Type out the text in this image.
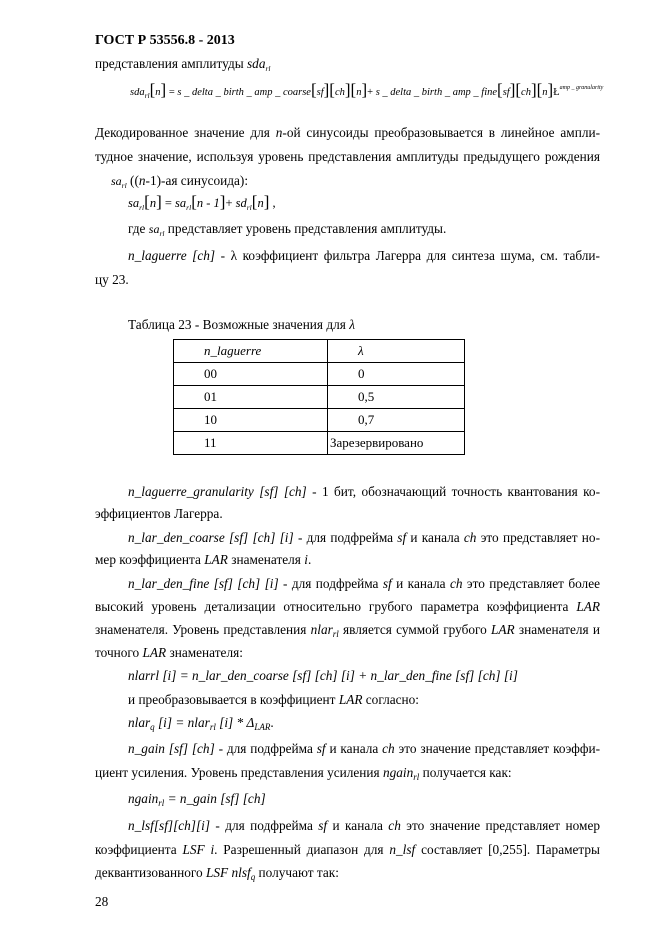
ГОСТ Р 53556.8 - 2013
представления амплитуды sda$_{rl}$
sda$_{rl}$[n] = s _ delta _ birth _ amp _ coarse[sf][ch][n]+ s _ delta _ birth _ amp _ $fine[sf][ch][n]Ł^{amp \_ granularity}$
Декодированное значение для n-ой синусоиды преобразовывается в линейное ампли-
тудное значение, используя уровень представления амплитуды предыдущего рождения
$sa_{rl}$ ((n-1)-ая синусоида):
$sa_{rl}[n] = sa_{rl}[n - 1]+ sd_{rl}[n]$ ,
где $sa_{rl}$ представляет уровень представления амплитуды.
n_laguerre [ch] - λ коэффициент фильтра Лагерра для синтеза шума, см. табли-
цу 23.
Таблица 23 - Возможные значения для λ
n_laguerre	λ
00	0
01	0,5
10	0,7
11	Зарезервировано
n_laguerre_granularity [sf] [ch] - 1 бит, обозначающий точность квантования ко-
эффициентов Лагерра.
n_lar_den_coarse [sf] [ch] [i] - для подфрейма sf и канала ch это представляет но-
мер коэффициента LAR знаменателя i.
n_lar_den_fine [sf] [ch] [i] - для подфрейма sf и канала ch это представляет более
высокий уровень детализации относительно грубого параметра коэффициента LAR
знаменателя. Уровень представления nlar$_{rl}$ является суммой грубого LAR знаменателя и
точного LAR знаменателя:
nlarrl [i] = n_lar_den_coarse [sf] [ch] [i] + n_lar_den_fine [sf] [ch] [i]
и преобразовывается в коэффициент LAR согласно:
nlar$_q$ [i] = nlar$_{rl}$ $[i] * \Delta_{LAR}$.
n_gain [sf] [ch] - для подфрейма sf и канала ch это значение представляет коэффи-
циент усиления. Уровень представления усиления ngain$_{rl}$ получается как:
ngain$_{rl}$ = n_gain [sf] [ch]
n_lsf[sf][ch][i] - для подфрейма sf и канала ch это значение представляет номер
коэффициента LSF i. Разрешенный диапазон для n_lsf составляет [0,255]. Параметры
деквантизованного LSF nlsf$_q$ получают так:
28
